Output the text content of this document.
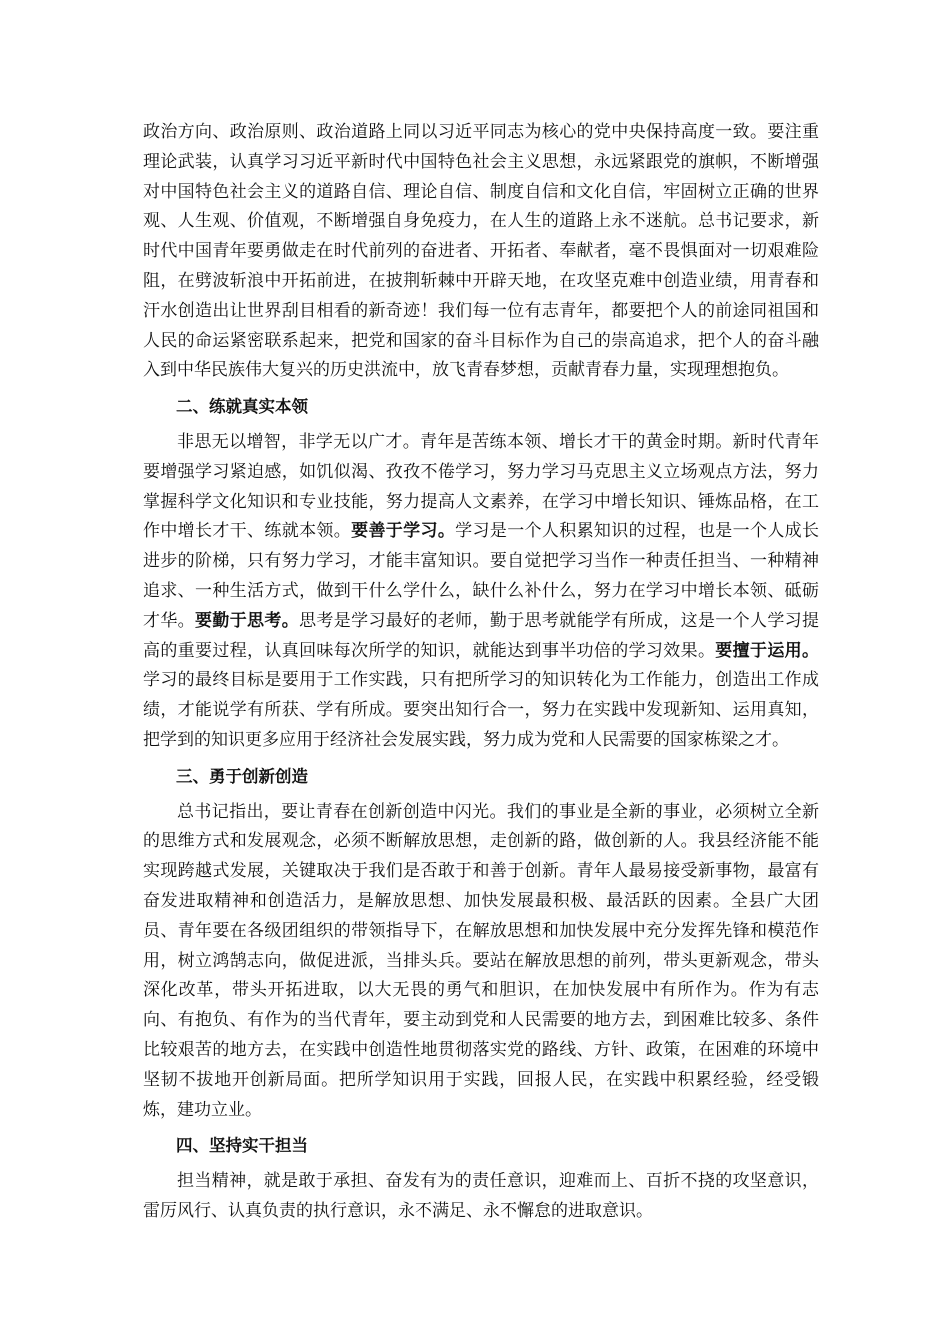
政治方向、政治原则、政治道路上同以习近平同志为核心的党中央保持高度一致。要注重理论武装，认真学习习近平新时代中国特色社会主义思想，永远紧跟党的旗帜，不断增强对中国特色社会主义的道路自信、理论自信、制度自信和文化自信，牢固树立正确的世界观、人生观、价值观，不断增强自身免疫力，在人生的道路上永不迷航。总书记要求，新时代中国青年要勇做走在时代前列的奋进者、开拓者、奉献者，毫不畏惧面对一切艰难险阻，在劈波斩浪中开拓前进，在披荆斩棘中开辟天地，在攻坚克难中创造业绩，用青春和汗水创造出让世界刮目相看的新奇迹！我们每一位有志青年，都要把个人的前途同祖国和人民的命运紧密联系起来，把党和国家的奋斗目标作为自己的崇高追求，把个人的奋斗融入到中华民族伟大复兴的历史洪流中，放飞青春梦想，贡献青春力量，实现理想抱负。

二、练就真实本领

非思无以增智，非学无以广才。青年是苦练本领、增长才干的黄金时期。新时代青年要增强学习紧迫感，如饥似渴、孜孜不倦学习，努力学习马克思主义立场观点方法，努力掌握科学文化知识和专业技能，努力提高人文素养，在学习中增长知识、锤炼品格，在工作中增长才干、练就本领。要善于学习。学习是一个人积累知识的过程，也是一个人成长进步的阶梯，只有努力学习，才能丰富知识。要自觉把学习当作一种责任担当、一种精神追求、一种生活方式，做到干什么学什么，缺什么补什么，努力在学习中增长本领、砥砺才华。要勤于思考。思考是学习最好的老师，勤于思考就能学有所成，这是一个人学习提高的重要过程，认真回味每次所学的知识，就能达到事半功倍的学习效果。要擅于运用。学习的最终目标是要用于工作实践，只有把所学习的知识转化为工作能力，创造出工作成绩，才能说学有所获、学有所成。要突出知行合一，努力在实践中发现新知、运用真知，把学到的知识更多应用于经济社会发展实践，努力成为党和人民需要的国家栋梁之才。

三、勇于创新创造

总书记指出，要让青春在创新创造中闪光。我们的事业是全新的事业，必须树立全新的思维方式和发展观念，必须不断解放思想，走创新的路，做创新的人。我县经济能不能实现跨越式发展，关键取决于我们是否敢于和善于创新。青年人最易接受新事物，最富有奋发进取精神和创造活力，是解放思想、加快发展最积极、最活跃的因素。全县广大团员、青年要在各级团组织的带领指导下，在解放思想和加快发展中充分发挥先锋和模范作用，树立鸿鹄志向，做促进派，当排头兵。要站在解放思想的前列，带头更新观念，带头深化改革，带头开拓进取，以大无畏的勇气和胆识，在加快发展中有所作为。作为有志向、有抱负、有作为的当代青年，要主动到党和人民需要的地方去，到困难比较多、条件比较艰苦的地方去，在实践中创造性地贯彻落实党的路线、方针、政策，在困难的环境中坚韧不拔地开创新局面。把所学知识用于实践，回报人民，在实践中积累经验，经受锻炼，建功立业。

四、坚持实干担当

担当精神，就是敢于承担、奋发有为的责任意识，迎难而上、百折不挠的攻坚意识，雷厉风行、认真负责的执行意识，永不满足、永不懈怠的进取意识。
